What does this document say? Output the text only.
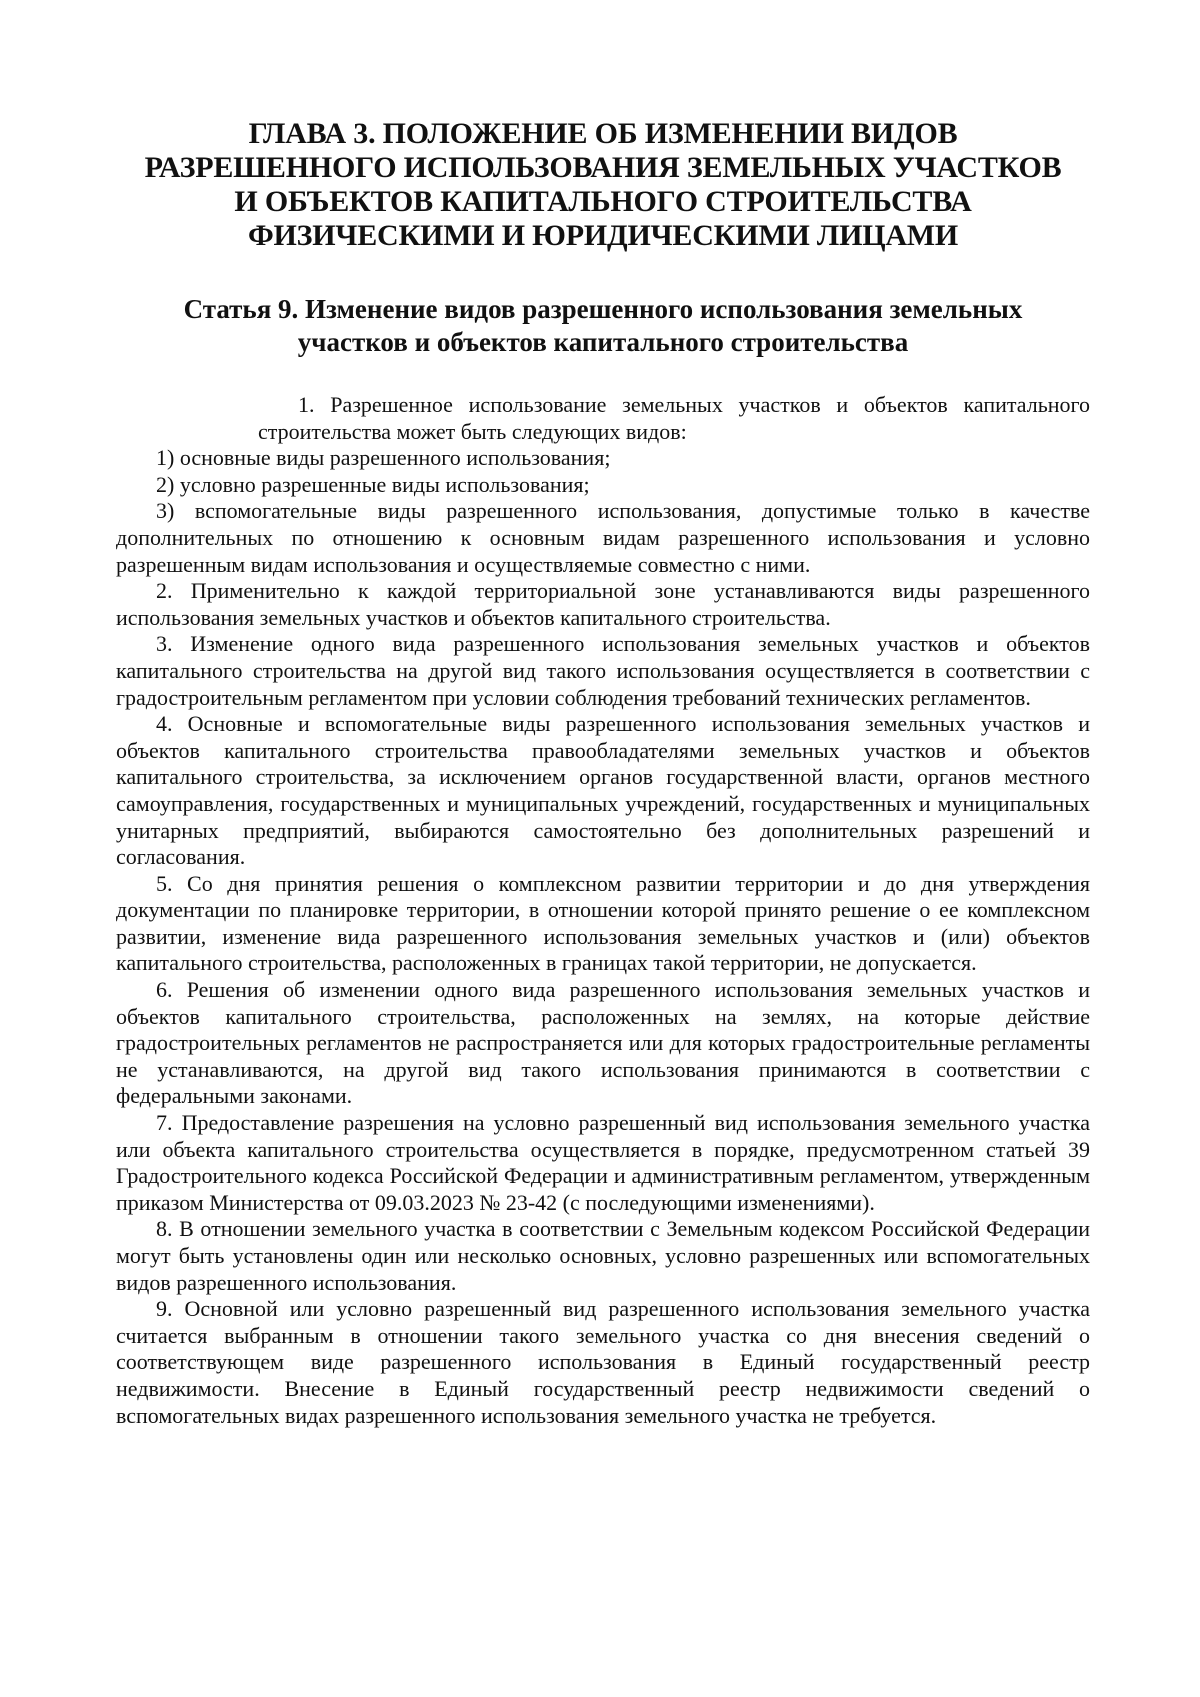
ГЛАВА 3. ПОЛОЖЕНИЕ ОБ ИЗМЕНЕНИИ ВИДОВ РАЗРЕШЕННОГО ИСПОЛЬЗОВАНИЯ ЗЕМЕЛЬНЫХ УЧАСТКОВ И ОБЪЕКТОВ КАПИТАЛЬНОГО СТРОИТЕЛЬСТВА ФИЗИЧЕСКИМИ И ЮРИДИЧЕСКИМИ ЛИЦАМИ
Статья 9. Изменение видов разрешенного использования земельных участков и объектов капитального строительства

1. Разрешенное использование земельных участков и объектов капитального строительства может быть следующих видов:

1) основные виды разрешенного использования;

2) условно разрешенные виды использования;

3) вспомогательные виды разрешенного использования, допустимые только в качестве дополнительных по отношению к основным видам разрешенного использования и условно разрешенным видам использования и осуществляемые совместно с ними.

2. Применительно к каждой территориальной зоне устанавливаются виды разрешенного использования земельных участков и объектов капитального строительства.

3. Изменение одного вида разрешенного использования земельных участков и объектов капитального строительства на другой вид такого использования осуществляется в соответствии с градостроительным регламентом при условии соблюдения требований технических регламентов.

4. Основные и вспомогательные виды разрешенного использования земельных участков и объектов капитального строительства правообладателями земельных участков и объектов капитального строительства, за исключением органов государственной власти, органов местного самоуправления, государственных и муниципальных учреждений, государственных и муниципальных унитарных предприятий, выбираются самостоятельно без дополнительных разрешений и согласования.

5. Со дня принятия решения о комплексном развитии территории и до дня утверждения документации по планировке территории, в отношении которой принято решение о ее комплексном развитии, изменение вида разрешенного использования земельных участков и (или) объектов капитального строительства, расположенных в границах такой территории, не допускается.

6. Решения об изменении одного вида разрешенного использования земельных участков и объектов капитального строительства, расположенных на землях, на которые действие градостроительных регламентов не распространяется или для которых градостроительные регламенты не устанавливаются, на другой вид такого использования принимаются в соответствии с федеральными законами.

7. Предоставление разрешения на условно разрешенный вид использования земельного участка или объекта капитального строительства осуществляется в порядке, предусмотренном статьей 39 Градостроительного кодекса Российской Федерации и административным регламентом, утвержденным приказом Министерства от 09.03.2023 № 23-42 (с последующими изменениями).

8. В отношении земельного участка в соответствии с Земельным кодексом Российской Федерации могут быть установлены один или несколько основных, условно разрешенных или вспомогательных видов разрешенного использования.

9. Основной или условно разрешенный вид разрешенного использования земельного участка считается выбранным в отношении такого земельного участка со дня внесения сведений о соответствующем виде разрешенного использования в Единый государственный реестр недвижимости. Внесение в Единый государственный реестр недвижимости сведений о вспомогательных видах разрешенного использования земельного участка не требуется.
